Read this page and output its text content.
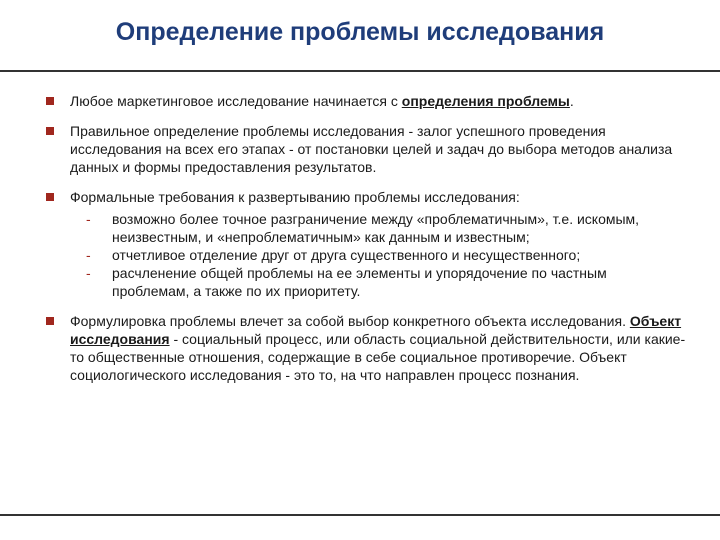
Определение проблемы исследования
Любое маркетинговое исследование начинается с определения проблемы.
Правильное определение проблемы исследования - залог успешного проведения исследования на всех его этапах - от постановки целей и задач до выбора методов анализа данных и формы предоставления результатов.
Формальные требования к развертыванию проблемы исследования:
- возможно более точное разграничение между «проблематичным», т.е. искомым, неизвестным, и «непроблематичным» как данным и известным;
- отчетливое отделение друг от друга существенного и несущественного;
- расчленение общей проблемы на ее элементы и упорядочение по частным проблемам, а также по их приоритету.
Формулировка проблемы влечет за собой выбор конкретного объекта исследования. Объект исследования - социальный процесс, или область социальной действительности, или какие-то общественные отношения, содержащие в себе социальное противоречие. Объект социологического исследования - это то, на что направлен процесс познания.
